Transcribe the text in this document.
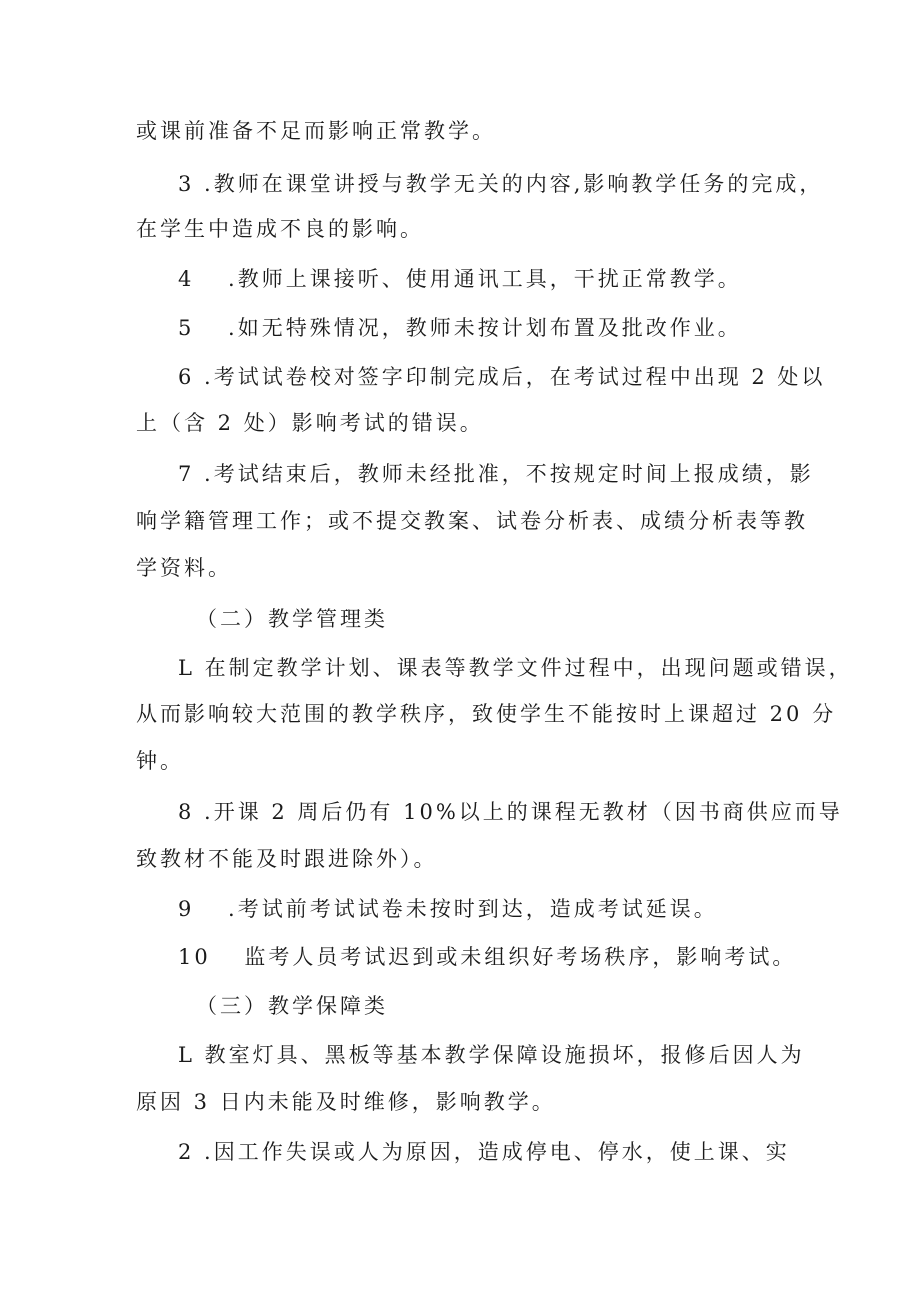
或课前准备不足而影响正常教学。

3 .教师在课堂讲授与教学无关的内容,影响教学任务的完成，

在学生中造成不良的影响。

4　 .教师上课接听、使用通讯工具，干扰正常教学。

5　 .如无特殊情况，教师未按计划布置及批改作业。

6 .考试试卷校对签字印制完成后，在考试过程中出现 2 处以

上（含 2 处）影响考试的错误。

7 .考试结束后，教师未经批准，不按规定时间上报成绩，影

响学籍管理工作；或不提交教案、试卷分析表、成绩分析表等教

学资料。

（二）教学管理类

L 在制定教学计划、课表等教学文件过程中，出现问题或错误，

从而影响较大范围的教学秩序，致使学生不能按时上课超过 20 分

钟。

8 .开课 2 周后仍有 10%以上的课程无教材（因书商供应而导

致教材不能及时跟进除外）。

9　 .考试前考试试卷未按时到达，造成考试延误。

10　 监考人员考试迟到或未组织好考场秩序，影响考试。

（三）教学保障类

L 教室灯具、黑板等基本教学保障设施损坏，报修后因人为

原因 3 日内未能及时维修，影响教学。

2 .因工作失误或人为原因，造成停电、停水，使上课、实
